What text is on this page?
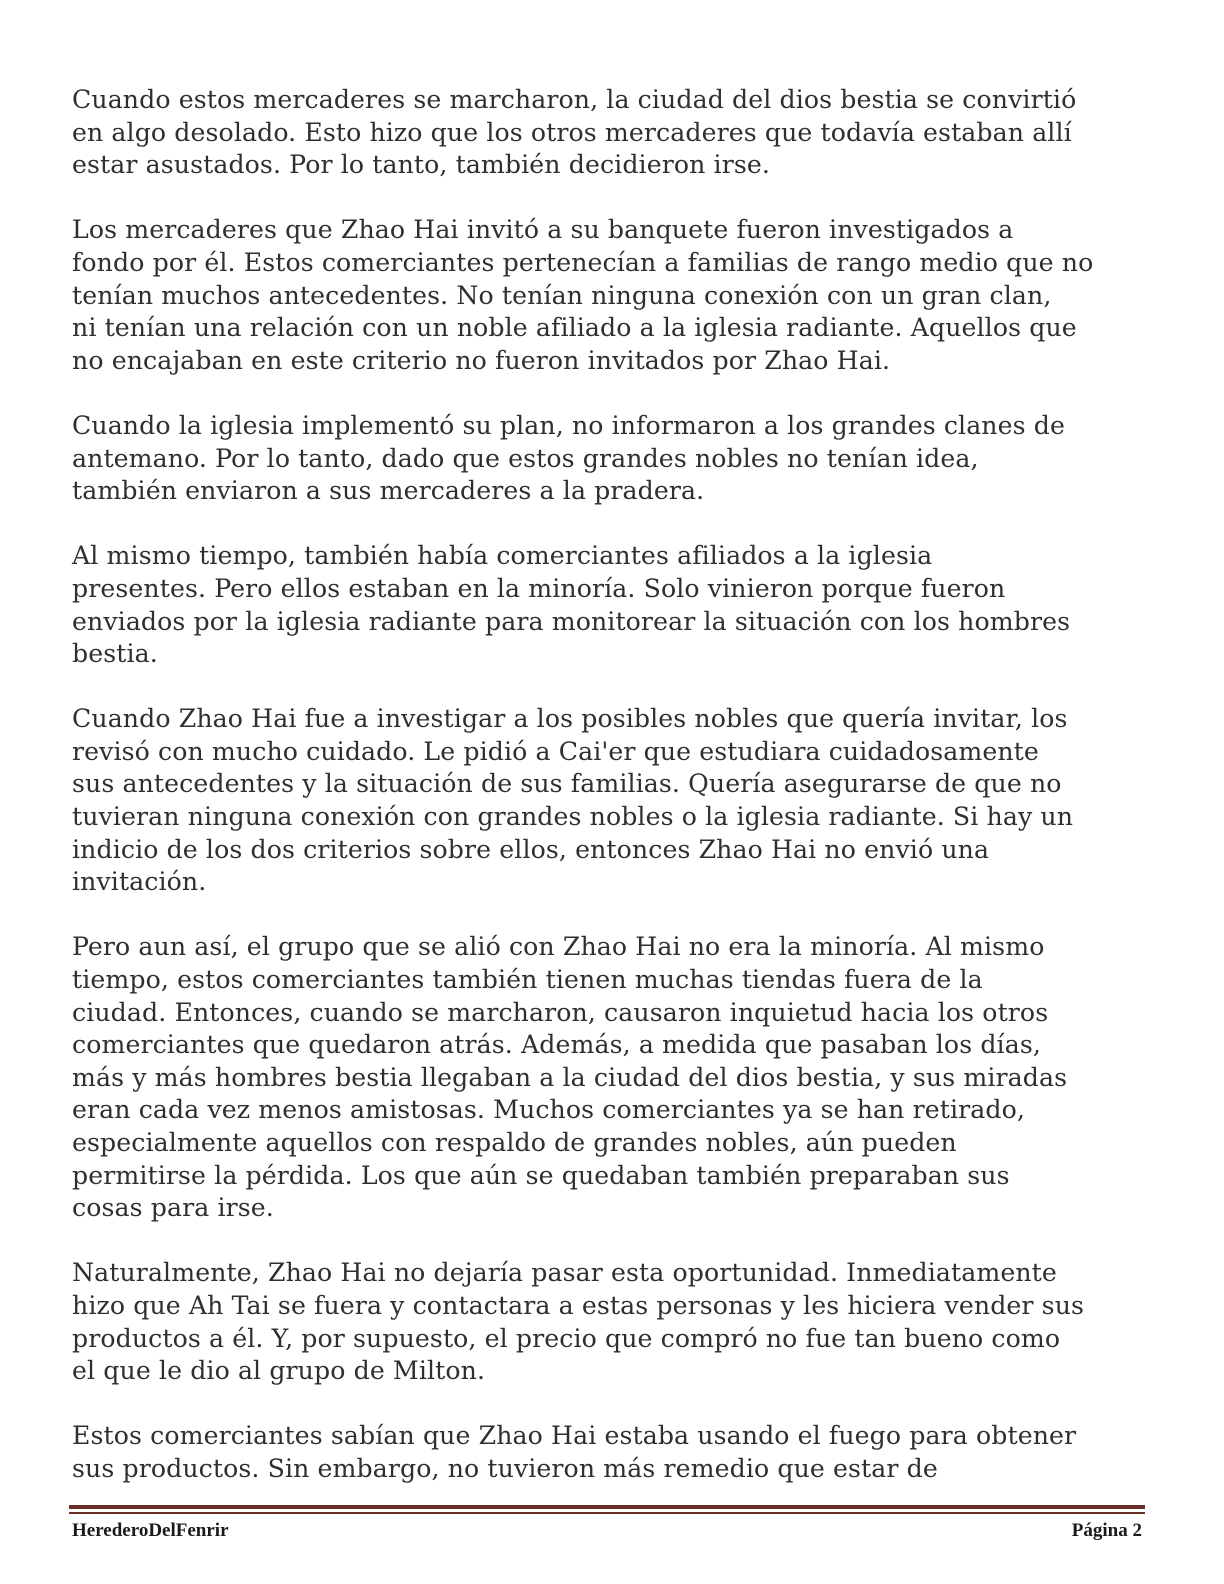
Cuando estos mercaderes se marcharon, la ciudad del dios bestia se convirtió
en algo desolado. Esto hizo que los otros mercaderes que todavía estaban allí
estar asustados. Por lo tanto, también decidieron irse.

Los mercaderes que Zhao Hai invitó a su banquete fueron investigados a
fondo por él. Estos comerciantes pertenecían a familias de rango medio que no
tenían muchos antecedentes. No tenían ninguna conexión con un gran clan,
ni tenían una relación con un noble afiliado a la iglesia radiante. Aquellos que
no encajaban en este criterio no fueron invitados por Zhao Hai.

Cuando la iglesia implementó su plan, no informaron a los grandes clanes de
antemano. Por lo tanto, dado que estos grandes nobles no tenían idea,
también enviaron a sus mercaderes a la pradera.

Al mismo tiempo, también había comerciantes afiliados a la iglesia
presentes. Pero ellos estaban en la minoría. Solo vinieron porque fueron
enviados por la iglesia radiante para monitorear la situación con los hombres
bestia.

Cuando Zhao Hai fue a investigar a los posibles nobles que quería invitar, los
revisó con mucho cuidado. Le pidió a Cai'er que estudiara cuidadosamente
sus antecedentes y la situación de sus familias. Quería asegurarse de que no
tuvieran ninguna conexión con grandes nobles o la iglesia radiante. Si hay un
indicio de los dos criterios sobre ellos, entonces Zhao Hai no envió una
invitación.

Pero aun así, el grupo que se alió con Zhao Hai no era la minoría. Al mismo
tiempo, estos comerciantes también tienen muchas tiendas fuera de la
ciudad. Entonces, cuando se marcharon, causaron inquietud hacia los otros
comerciantes que quedaron atrás. Además, a medida que pasaban los días,
más y más hombres bestia llegaban a la ciudad del dios bestia, y sus miradas
eran cada vez menos amistosas. Muchos comerciantes ya se han retirado,
especialmente aquellos con respaldo de grandes nobles, aún pueden
permitirse la pérdida. Los que aún se quedaban también preparaban sus
cosas para irse.

Naturalmente, Zhao Hai no dejaría pasar esta oportunidad. Inmediatamente
hizo que Ah Tai se fuera y contactara a estas personas y les hiciera vender sus
productos a él. Y, por supuesto, el precio que compró no fue tan bueno como
el que le dio al grupo de Milton.

Estos comerciantes sabían que Zhao Hai estaba usando el fuego para obtener
sus productos. Sin embargo, no tuvieron más remedio que estar de

HerederoDelFenrir	Página 2
